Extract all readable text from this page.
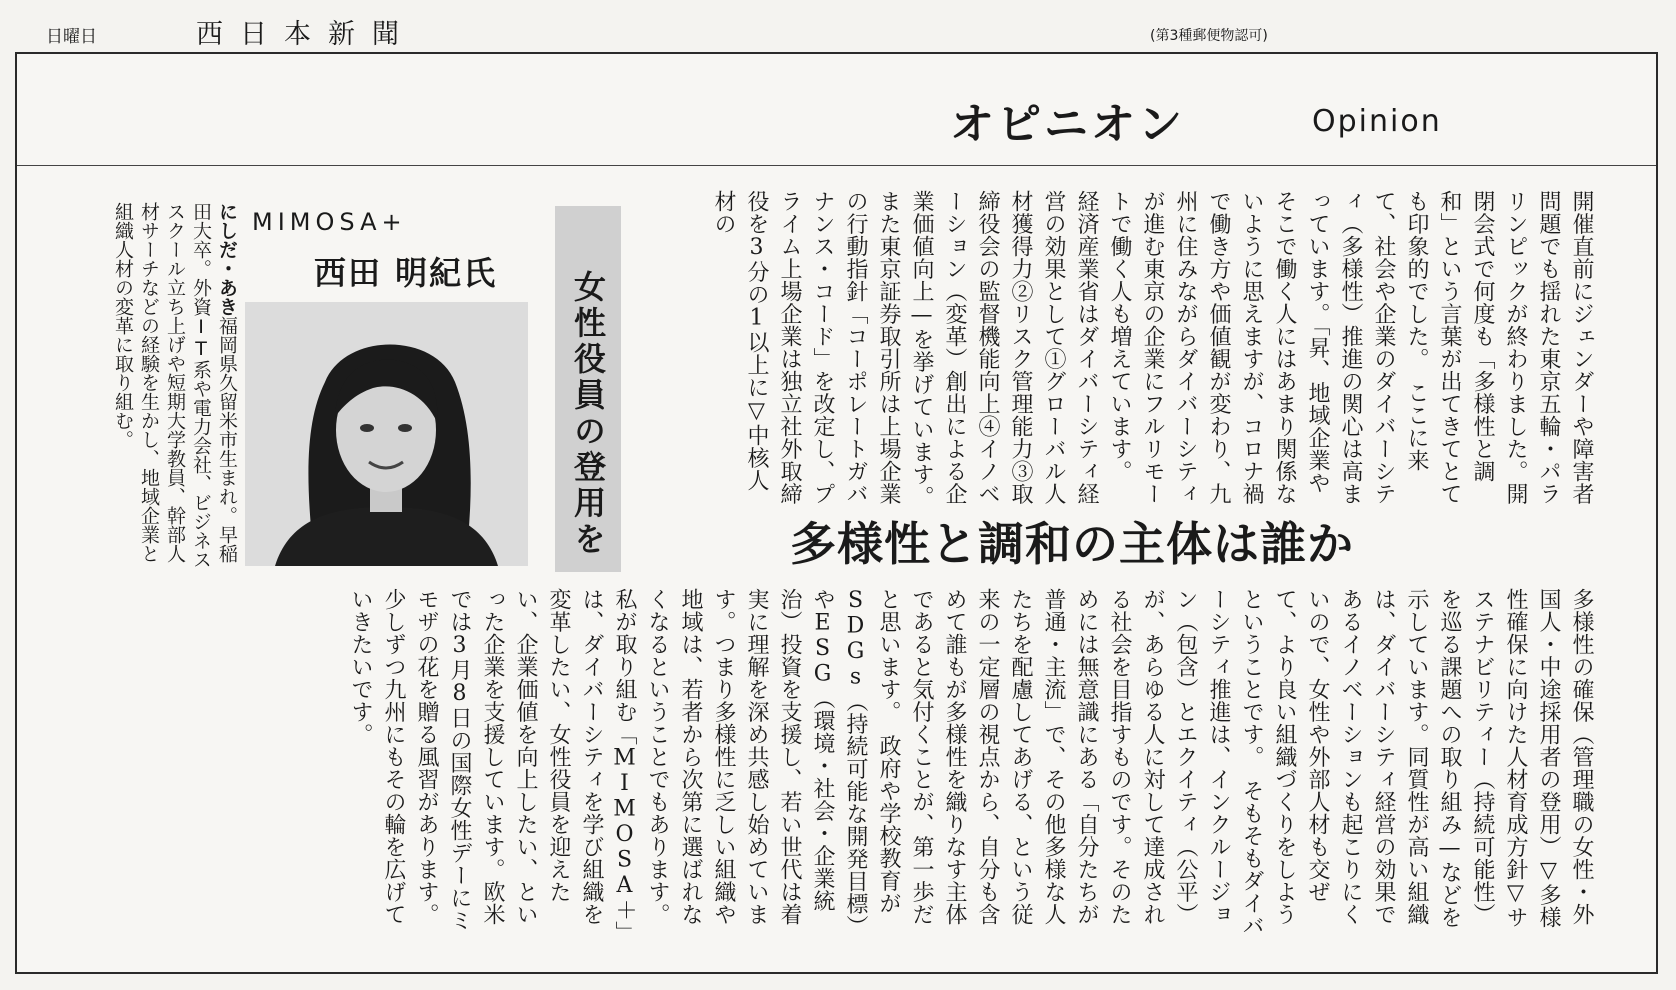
日曜日	西日本新聞	(第3種郵便物認可)
オピニオン	Opinion
開催直前にジェンダーや障害者問題でも揺れた東京五輪・パラリンピックが終わりました。開閉会式で何度も「多様性と調和」という言葉が出てきてとても印象的でした。　ここに来て、社会や企業のダイバーシティ（多様性）推進の関心は高まっています。「昇、地域企業やそこで働く人にはあまり関係ないように思えますが、コロナ禍で働き方や価値観が変わり、九州に住みながらダイバーシティが進む東京の企業にフルリモートで働く人も増えています。　経済産業省はダイバーシティ経営の効果として①グローバル人材獲得力②リスク管理能力③取締役会の監督機能向上④イノベーション（変革）創出による企業価値向上—を挙げています。また東京証券取引所は上場企業の行動指針「コーポレートガバナンス・コード」を改定し、プライム上場企業は独立社外取締役を3分の1以上に▽中核人材の
女性役員の登用を
MIMOSA+
西田 明紀氏
にしだ・あき福岡県久留米市生まれ。早稲田大卒。外資IT系や電力会社、ビジネススクール立ち上げや短期大学教員、幹部人材サーチなどの経験を生かし、地域企業と組織人材の変革に取り組む。
多様性と調和の主体は誰か
多様性の確保（管理職の女性・外国人・中途採用者の登用）▽多様性確保に向けた人材育成方針▽サステナビリティー（持続可能性）を巡る課題への取り組み—などを示しています。同質性が高い組織は、ダイバーシティ経営の効果であるイノベーションも起こりにくいので、女性や外部人材も交ぜて、より良い組織づくりをしようということです。　そもそもダイバーシティ推進は、インクルージョン（包含）とエクイティ（公平）が、あらゆる人に対して達成される社会を目指すものです。そのためには無意識にある「自分たちが普通・主流」で、その他多様な人たちを配慮してあげる、という従来の一定層の視点から、自分も含めて誰もが多様性を織りなす主体であると気付くことが、第一歩だと思います。　政府や学校教育がSDGs（持続可能な開発目標）やESG（環境・社会・企業統治）投資を支援し、若い世代は着実に理解を深め共感し始めています。つまり多様性に乏しい組織や地域は、若者から次第に選ばれなくなるということでもあります。　私が取り組む「MIMOSA＋」は、ダイバーシティを学び組織を変革したい、女性役員を迎えたい、企業価値を向上したい、といった企業を支援しています。欧米では3月8日の国際女性デーにミモザの花を贈る風習があります。少しずつ九州にもその輪を広げていきたいです。
